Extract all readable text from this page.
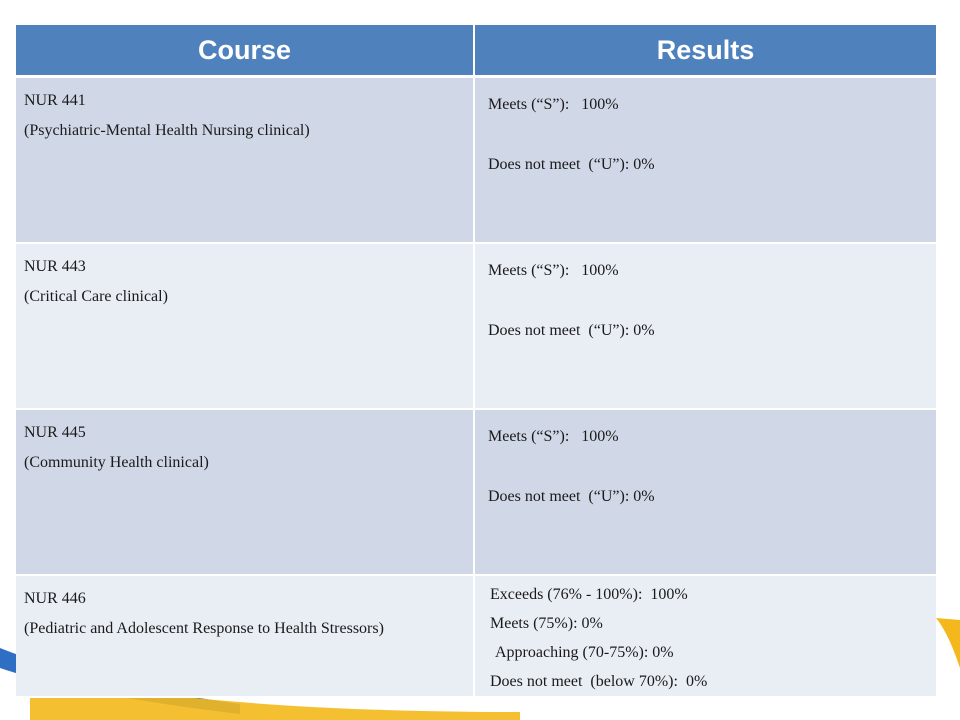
Course	Results

NUR 441
(Psychiatric-Mental Health Nursing clinical)	Meets (“S”):   100%
Does not meet  (“U”): 0%

NUR 443
(Critical Care clinical)	Meets (“S”):   100%
Does not meet  (“U”): 0%

NUR 445
(Community Health clinical)	Meets (“S”):   100%
Does not meet  (“U”): 0%

NUR 446
(Pediatric and Adolescent Response to Health Stressors)	Exceeds (76% - 100%):  100%
Meets (75%): 0%
Approaching (70-75%): 0%
Does not meet  (below 70%):  0%
